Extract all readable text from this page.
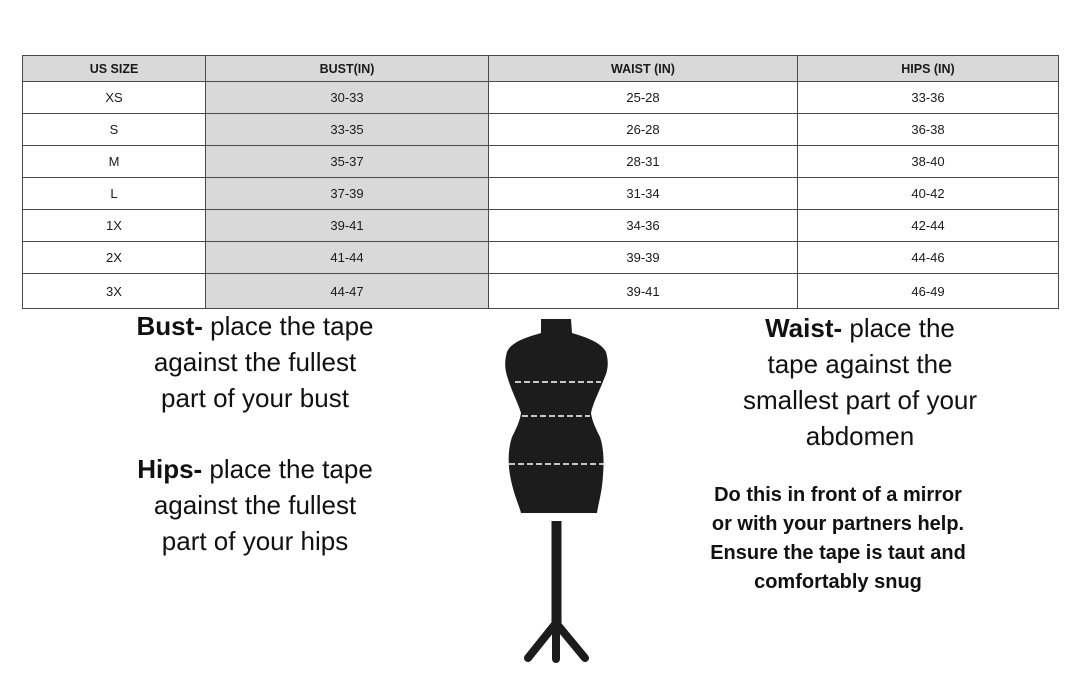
US SIZE	BUST(IN)	WAIST (IN)	HIPS (IN)
XS	30-33	25-28	33-36
S	33-35	26-28	36-38
M	35-37	28-31	38-40
L	37-39	31-34	40-42
1X	39-41	34-36	42-44
2X	41-44	39-39	44-46
3X	44-47	39-41	46-49
Bust- place the tape
against the fullest
part of your bust
Hips- place the tape
against the fullest
part of your hips
Waist- place the
tape against the
smallest part of your
abdomen
Do this in front of a mirror
or with your partners help.
Ensure the tape is taut and
comfortably snug
